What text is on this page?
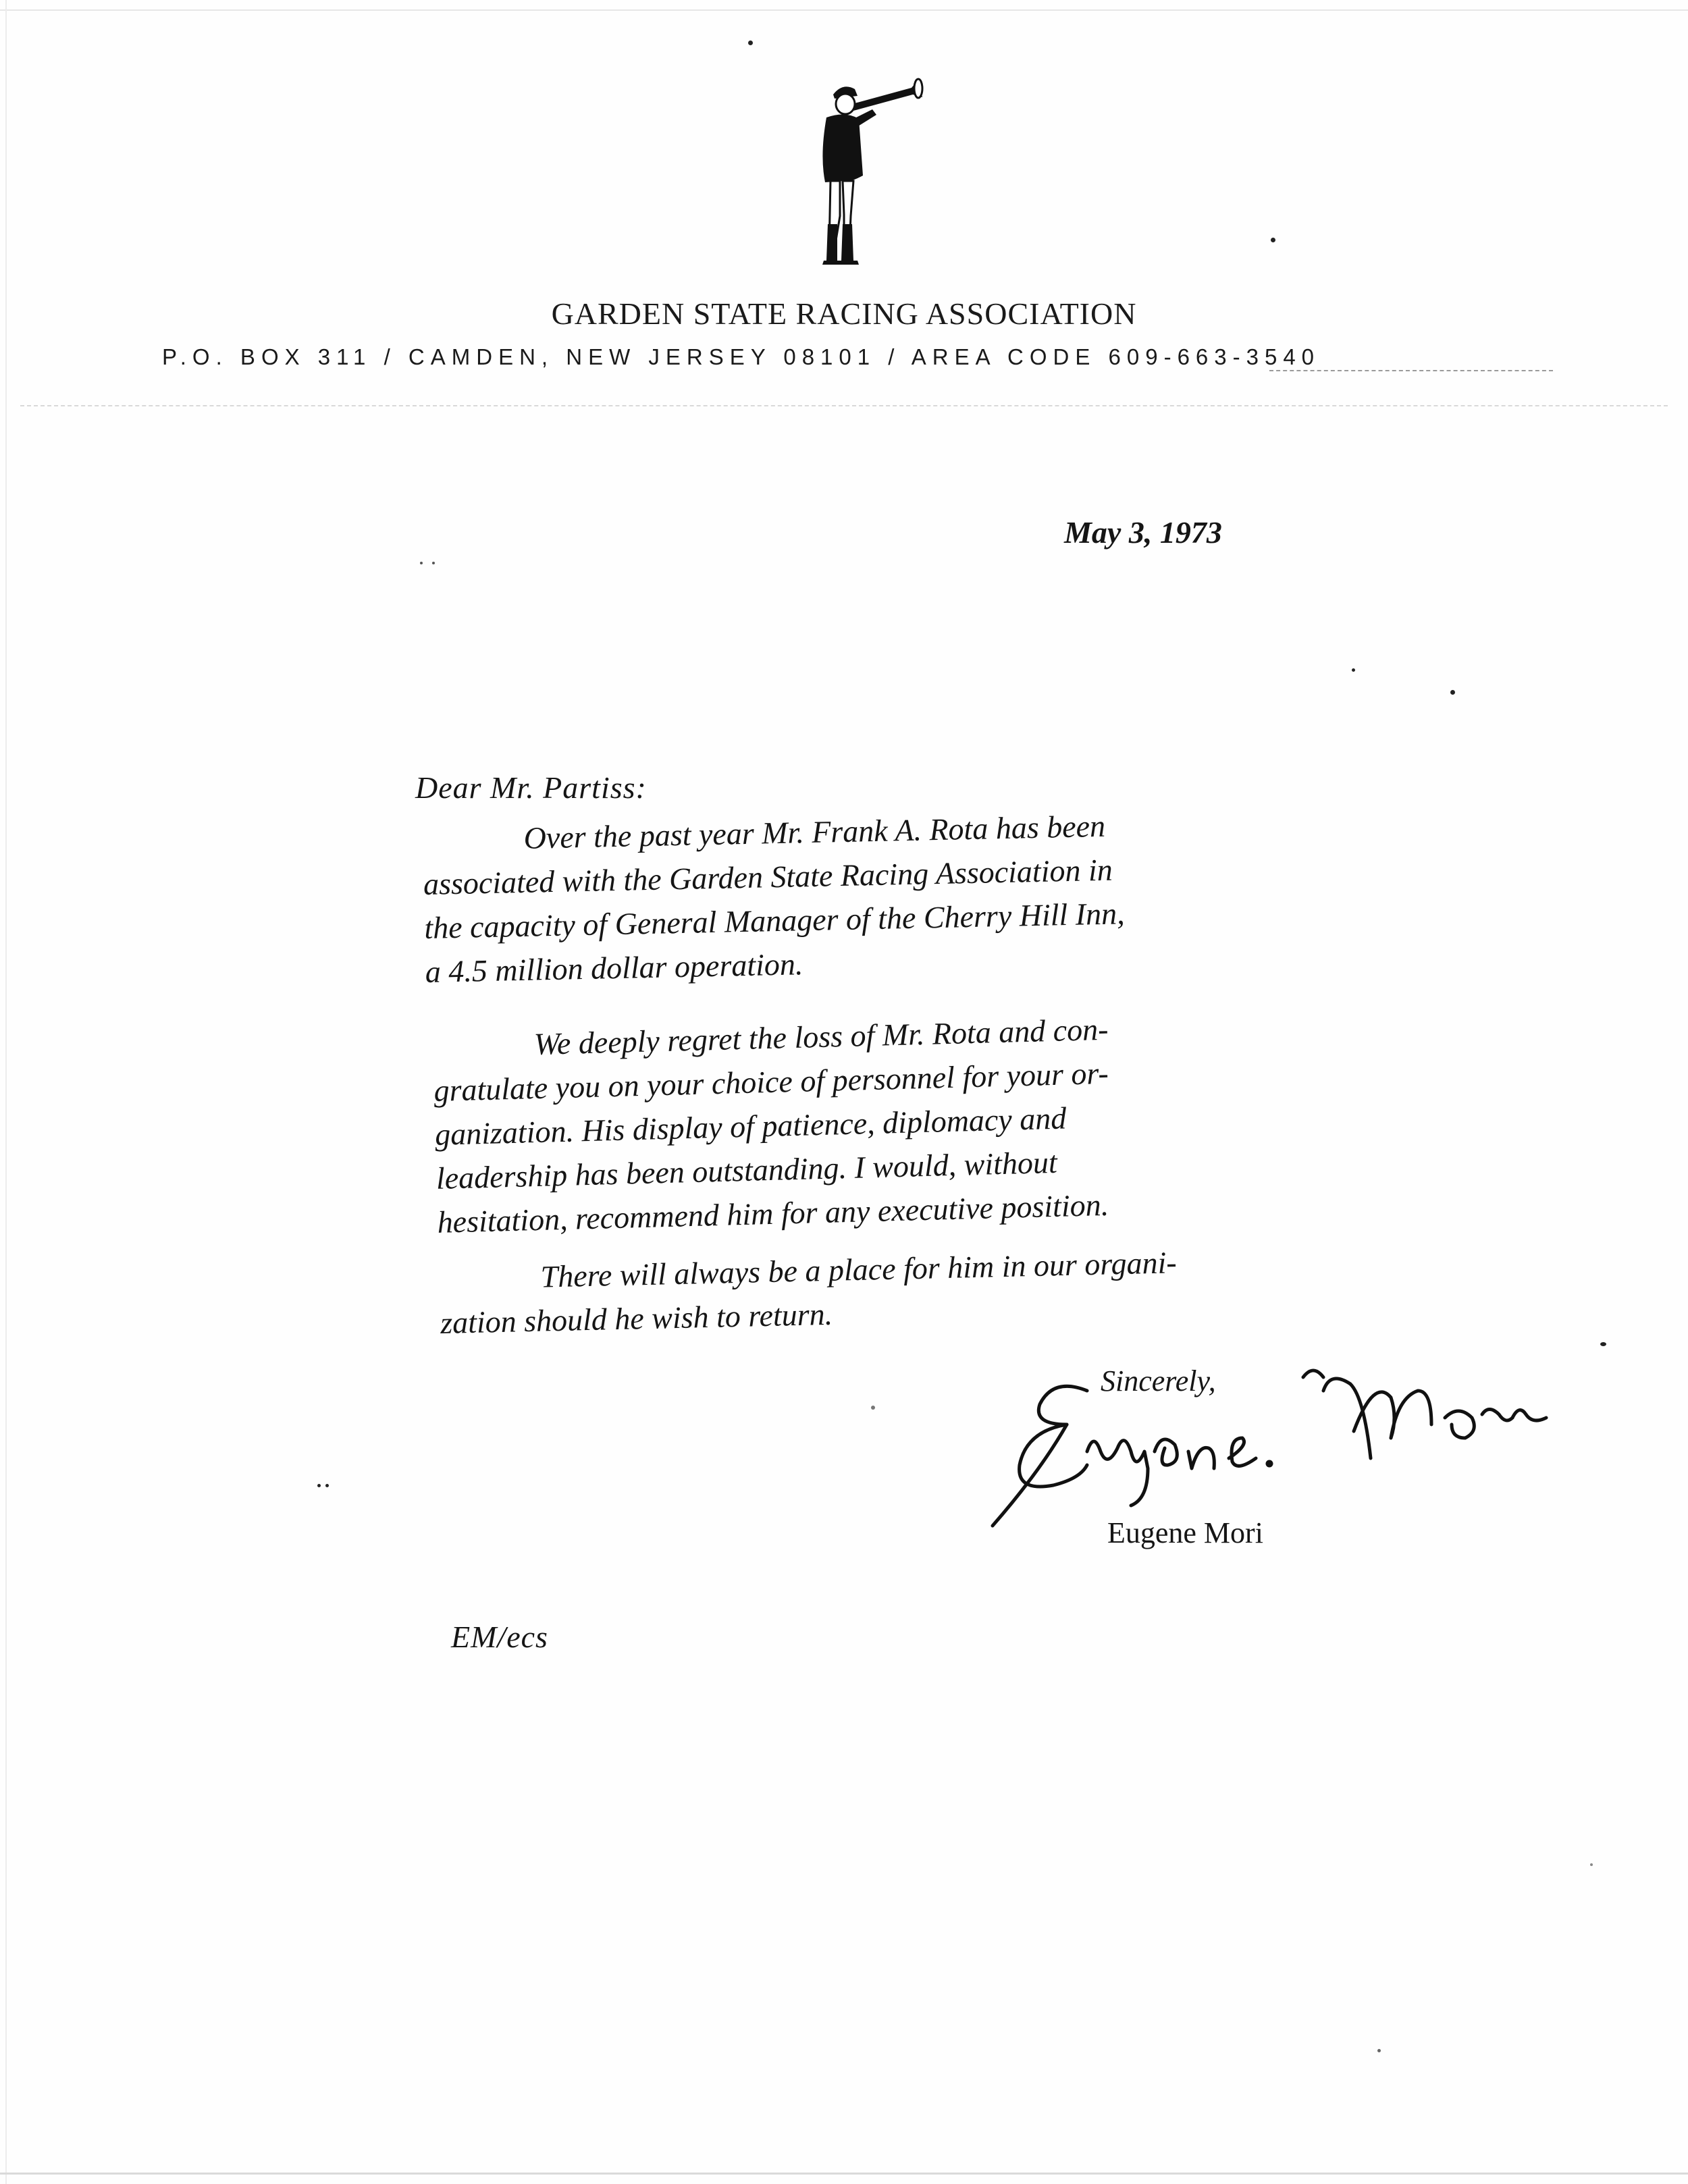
GARDEN STATE RACING ASSOCIATION
P.O. BOX 311 / CAMDEN, NEW JERSEY 08101 / AREA CODE 609-663-3540
May 3, 1973
Dear Mr. Partiss:
Over the past year Mr. Frank A. Rota has been
associated with the Garden State Racing Association in
the capacity of General Manager of the Cherry Hill Inn,
a 4.5 million dollar operation.
We deeply regret the loss of Mr. Rota and con-
gratulate you on your choice of personnel for your or-
ganization. His display of patience, diplomacy and
leadership has been outstanding. I would, without
hesitation, recommend him for any executive position.
There will always be a place for him in our organi-
zation should he wish to return.
Sincerely,
Eugene Mori
EM/ecs
